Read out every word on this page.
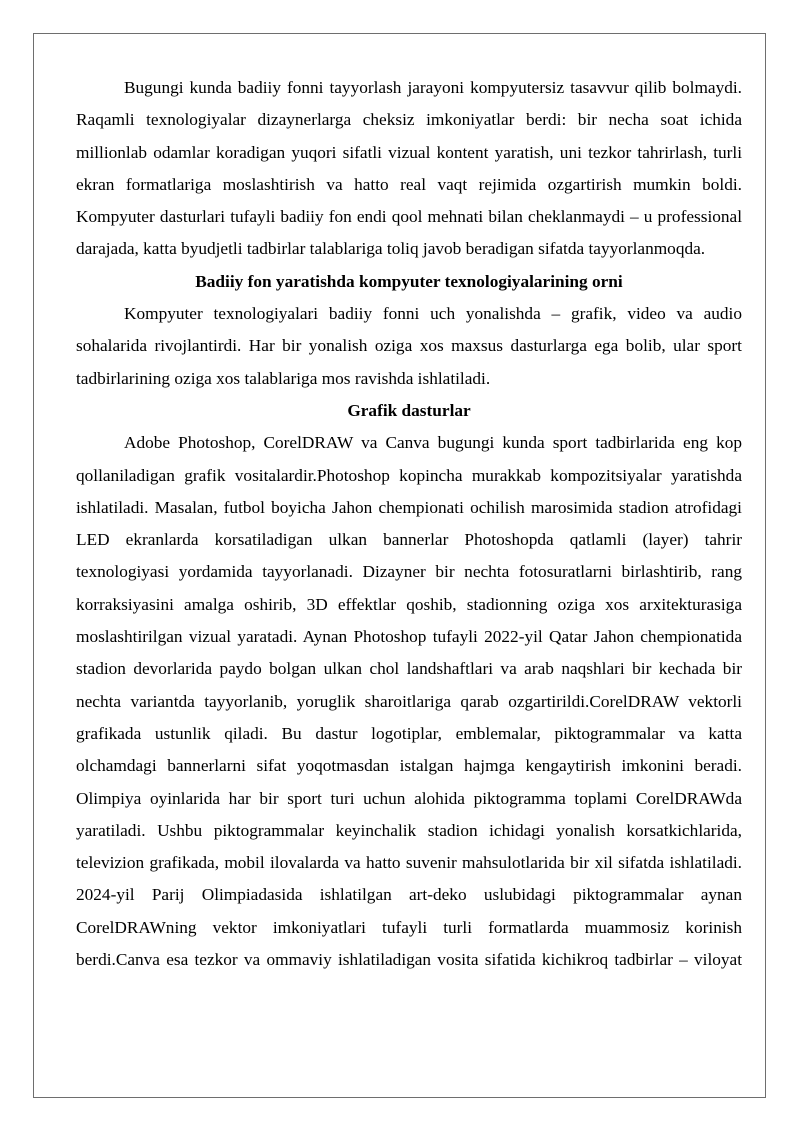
Bugungi kunda badiiy fonni tayyorlash jarayoni kompyutersiz tasavvur qilib bolmaydi. Raqamli texnologiyalar dizaynerlarga cheksiz imkoniyatlar berdi: bir necha soat ichida millionlab odamlar koradigan yuqori sifatli vizual kontent yaratish, uni tezkor tahrirlash, turli ekran formatlariga moslashtirish va hatto real vaqt rejimida ozgartirish mumkin boldi. Kompyuter dasturlari tufayli badiiy fon endi qool mehnati bilan cheklanmaydi – u professional darajada, katta byudjetli tadbirlar talablariga toliq javob beradigan sifatda tayyorlanmoqda.

Badiiy fon yaratishda kompyuter texnologiyalarining orni

Kompyuter texnologiyalari badiiy fonni uch yonalishda – grafik, video va audio sohalarida rivojlantirdi. Har bir yonalish oziga xos maxsus dasturlarga ega bolib, ular sport tadbirlarining oziga xos talablariga mos ravishda ishlatiladi.

Grafik dasturlar

Adobe Photoshop, CorelDRAW va Canva bugungi kunda sport tadbirlarida eng kop qollaniladigan grafik vositalardir.Photoshop kopincha murakkab kompozitsiyalar yaratishda ishlatiladi. Masalan, futbol boyicha Jahon chempionati ochilish marosimida stadion atrofidagi LED ekranlarda korsatiladigan ulkan bannerlar Photoshopda qatlamli (layer) tahrir texnologiyasi yordamida tayyorlanadi. Dizayner bir nechta fotosuratlarni birlashtirib, rang korraksiyasini amalga oshirib, 3D effektlar qoshib, stadionning oziga xos arxitekturasiga moslashtirilgan vizual yaratadi. Aynan Photoshop tufayli 2022-yil Qatar Jahon chempionatida stadion devorlarida paydo bolgan ulkan chol landshaftlari va arab naqshlari bir kechada bir nechta variantda tayyorlanib, yoruglik sharoitlariga qarab ozgartirildi.CorelDRAW vektorli grafikada ustunlik qiladi. Bu dastur logotiplar, emblemalar, piktogrammalar va katta olchamdagi bannerlarni sifat yoqotmasdan istalgan hajmga kengaytirish imkonini beradi. Olimpiya oyinlarida har bir sport turi uchun alohida piktogramma toplami CorelDRAWda yaratiladi. Ushbu piktogrammalar keyinchalik stadion ichidagi yonalish korsatkichlarida, televizion grafikada, mobil ilovalarda va hatto suvenir mahsulotlarida bir xil sifatda ishlatiladi. 2024-yil Parij Olimpiadasida ishlatilgan art-deko uslubidagi piktogrammalar aynan CorelDRAWning vektor imkoniyatlari tufayli turli formatlarda muammosiz korinish berdi.Canva esa tezkor va ommaviy ishlatiladigan vosita sifatida kichikroq tadbirlar – viloyat
